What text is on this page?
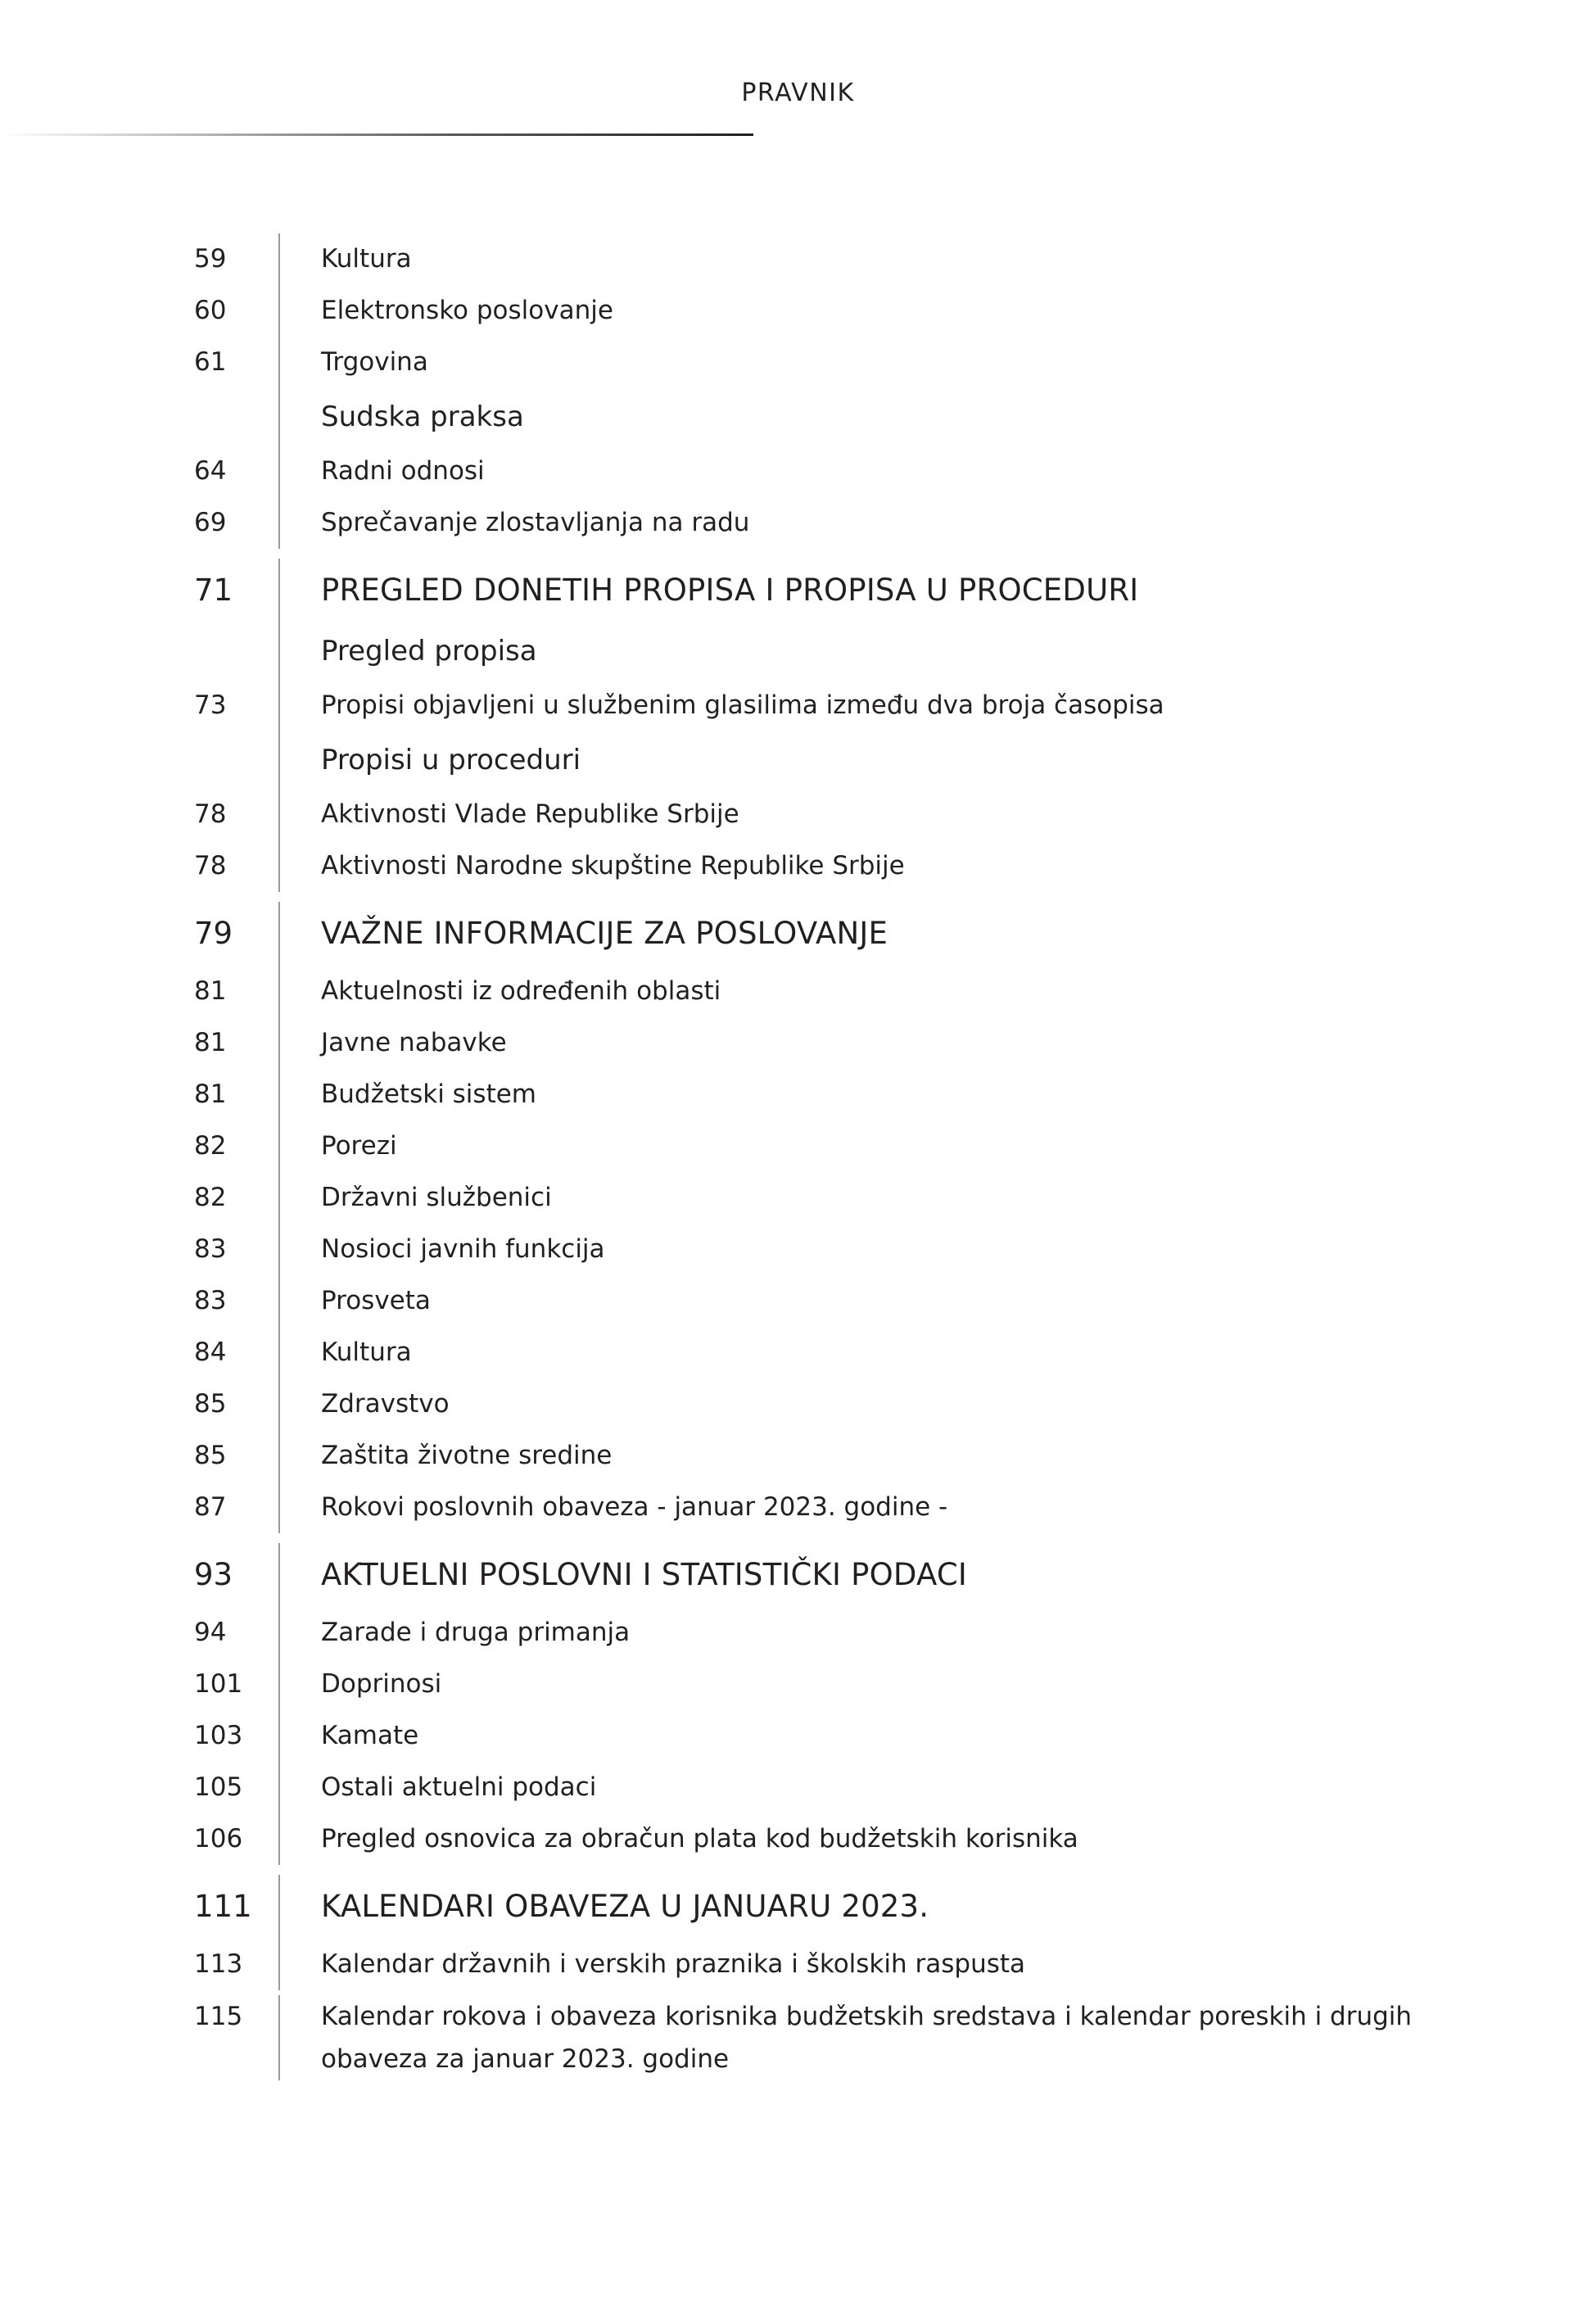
PRAVNIK
59	Kultura
60	Elektronsko poslovanje
61	Trgovina
Sudska praksa
64	Radni odnosi
69	Sprečavanje zlostavljanja na radu
71	PREGLED DONETIH PROPISA I PROPISA U PROCEDURI
Pregled propisa
73	Propisi objavljeni u službenim glasilima između dva broja časopisa
Propisi u proceduri
78	Aktivnosti Vlade Republike Srbije
78	Aktivnosti Narodne skupštine Republike Srbije
79	VAŽNE INFORMACIJE ZA POSLOVANJE
81	Aktuelnosti iz određenih oblasti
81	Javne nabavke
81	Budžetski sistem
82	Porezi
82	Državni službenici
83	Nosioci javnih funkcija
83	Prosveta
84	Kultura
85	Zdravstvo
85	Zaštita životne sredine
87	Rokovi poslovnih obaveza - januar 2023. godine -
93	AKTUELNI POSLOVNI I STATISTIČKI PODACI
94	Zarade i druga primanja
101	Doprinosi
103	Kamate
105	Ostali aktuelni podaci
106	Pregled osnovica za obračun plata kod budžetskih korisnika
111	KALENDARI OBAVEZA U JANUARU 2023.
113	Kalendar državnih i verskih praznika i školskih raspusta
115	Kalendar rokova i obaveza korisnika budžetskih sredstava i kalendar poreskih i drugih obaveza za januar 2023. godine
